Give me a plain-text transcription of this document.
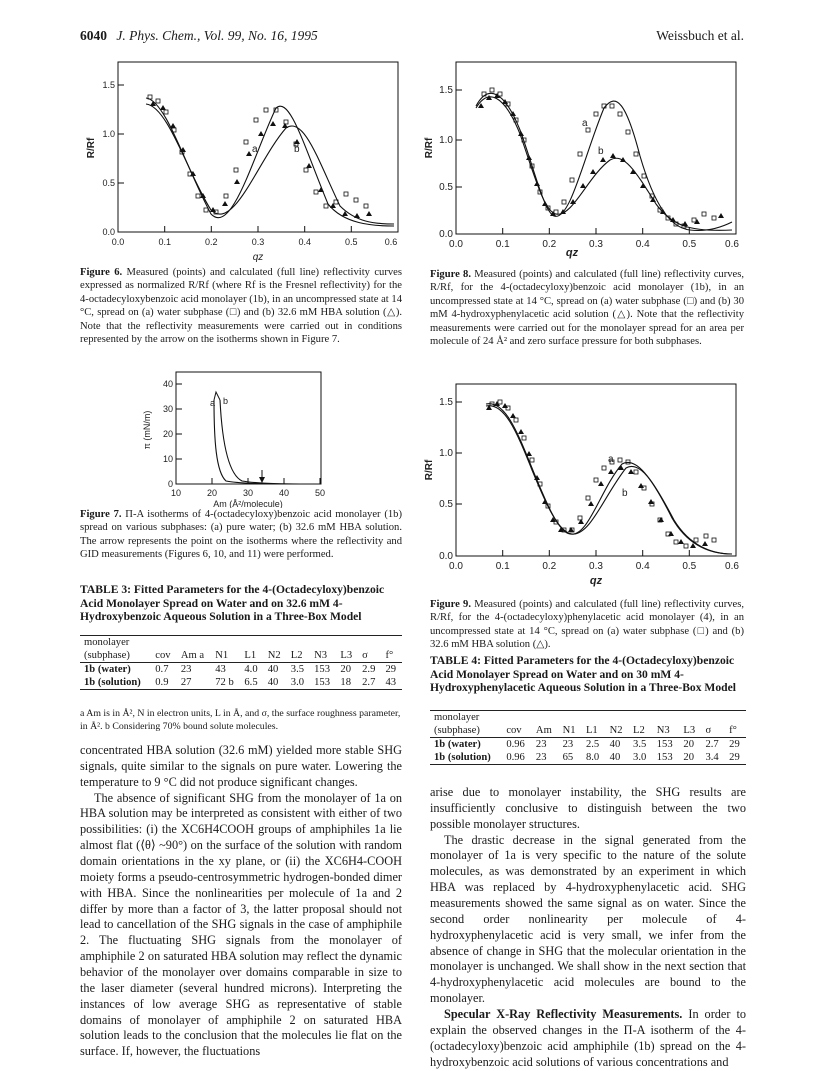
6040 J. Phys. Chem., Vol. 99, No. 16, 1995	Weissbuch et al.
0.0	0.1	0.2	0.3	0.4	0.5	0.6
0.0
0.5
1.0
1.5
R/Rf
qz
a	b
Figure 6. Measured (points) and calculated (full line) reflectivity curves expressed as normalized R/Rf (where Rf is the Fresnel reflectivity) for the 4-octadecyloxybenzoic acid monolayer (1b), in an uncompressed state at 14 °C, spread on (a) water subphase (□) and (b) 32.6 mM HBA solution (△). Note that the reflectivity measurements were carried out in conditions represented by the arrow on the isotherms shown in Figure 7.
10	20	30	40	50
0
10
20
30
40
π (mN/m)
Am (Å²/molecule)
a b
Figure 7. Π-A isotherms of 4-(octadecyloxy)benzoic acid monolayer (1b) spread on various subphases: (a) pure water; (b) 32.6 mM HBA solution. The arrow represents the point on the isotherms where the reflectivity and GID measurements (Figures 6, 10, and 11) were performed.
TABLE 3: Fitted Parameters for the 4-(Octadecyloxy)benzoic Acid Monolayer Spread on Water and on 32.6 mM 4-Hydroxybenzoic Aqueous Solution in a Three-Box Model
monolayer										
(subphase)	cov	Am a	N1	L1	N2	L2	N3	L3	σ	f°
1b (water)	0.7	23	43	4.0	40	3.5	153	20	2.9	29
1b (solution)	0.9	27	72 b	6.5	40	3.0	153	18	2.7	43
a Am is in Å², N in electron units, L in Å, and σ, the surface roughness parameter, in Å². b Considering 70% bound solute molecules.

concentrated HBA solution (32.6 mM) yielded more stable SHG signals, quite similar to the signals on pure water. Lowering the temperature to 9 °C did not produce significant changes.

The absence of significant SHG from the monolayer of 1a on HBA solution may be interpreted as consistent with either of two possibilities: (i) the XC6H4COOH groups of amphiphiles 1a lie almost flat (⟨θ⟩ ~90°) on the surface of the solution with random domain orientations in the xy plane, or (ii) the XC6H4-COOH moiety forms a pseudo-centrosymmetric hydrogen-bonded dimer with HBA. Since the nonlinearities per molecule of 1a and 2 differ by more than a factor of 3, the latter proposal should not lead to cancellation of the SHG signals in the case of amphiphile 2. The fluctuating SHG signals from the monolayer of amphiphile 2 on saturated HBA solution may reflect the dynamic behavior of the monolayer over domains comparable in size to the laser diameter (several hundred microns). Interpreting the instances of low average SHG as representative of stable domains of monolayer of amphiphile 2 on saturated HBA solution leads to the conclusion that the molecules lie flat on the surface. If, however, the fluctuations

0.0	0.1	0.2	0.3	0.4	0.5	0.6
0.0
0.5
1.0
1.5
R/Rf
qz
a
b
Figure 8. Measured (points) and calculated (full line) reflectivity curves, R/Rf, for the 4-(octadecyloxy)benzoic acid monolayer (1b), in an uncompressed state at 14 °C, spread on (a) water subphase (□) and (b) 30 mM 4-hydroxyphenylacetic acid solution (△). Note that the reflectivity measurements were carried out for the monolayer spread for an area per molecule of 24 Å² and zero surface pressure for both subphases.
0.0	0.1	0.2	0.3	0.4	0.5	0.6
0.0
0.5
1.0
1.5
R/Rf
qz
a
b
Figure 9. Measured (points) and calculated (full line) reflectivity curves, R/Rf, for the 4-(octadecyloxy)phenylacetic acid monolayer (4), in an uncompressed state at 14 °C, spread on (a) water subphase (□) and (b) 32.6 mM HBA solution (△).
TABLE 4: Fitted Parameters for the 4-(Octadecyloxy)benzoic Acid Monolayer Spread on Water and on 30 mM 4-Hydroxyphenylacetic Aqueous Solution in a Three-Box Model
monolayer										
(subphase)	cov	Am	N1	L1	N2	L2	N3	L3	σ	f°
1b (water)	0.96	23	23	2.5	40	3.5	153	20	2.7	29
1b (solution)	0.96	23	65	8.0	40	3.0	153	20	3.4	29

arise due to monolayer instability, the SHG results are insufficiently conclusive to distinguish between the two possible monolayer structures.

The drastic decrease in the signal generated from the monolayer of 1a is very specific to the nature of the solute molecules, as was demonstrated by an experiment in which HBA was replaced by 4-hydroxyphenylacetic acid. SHG measurements showed the same signal as on water. Since the second order nonlinearity per molecule of 4-hydroxyphenylacetic acid is very small, we infer from the absence of change in SHG that the molecular orientation in the monolayer is unchanged. We shall show in the next section that 4-hydroxyphenylacetic acid molecules are bound to the monolayer.

Specular X-Ray Reflectivity Measurements. In order to explain the observed changes in the Π-A isotherm of the 4-(octadecyloxy)benzoic acid amphiphile (1b) spread on the 4-hydroxybenzoic acid solutions of various concentrations and
